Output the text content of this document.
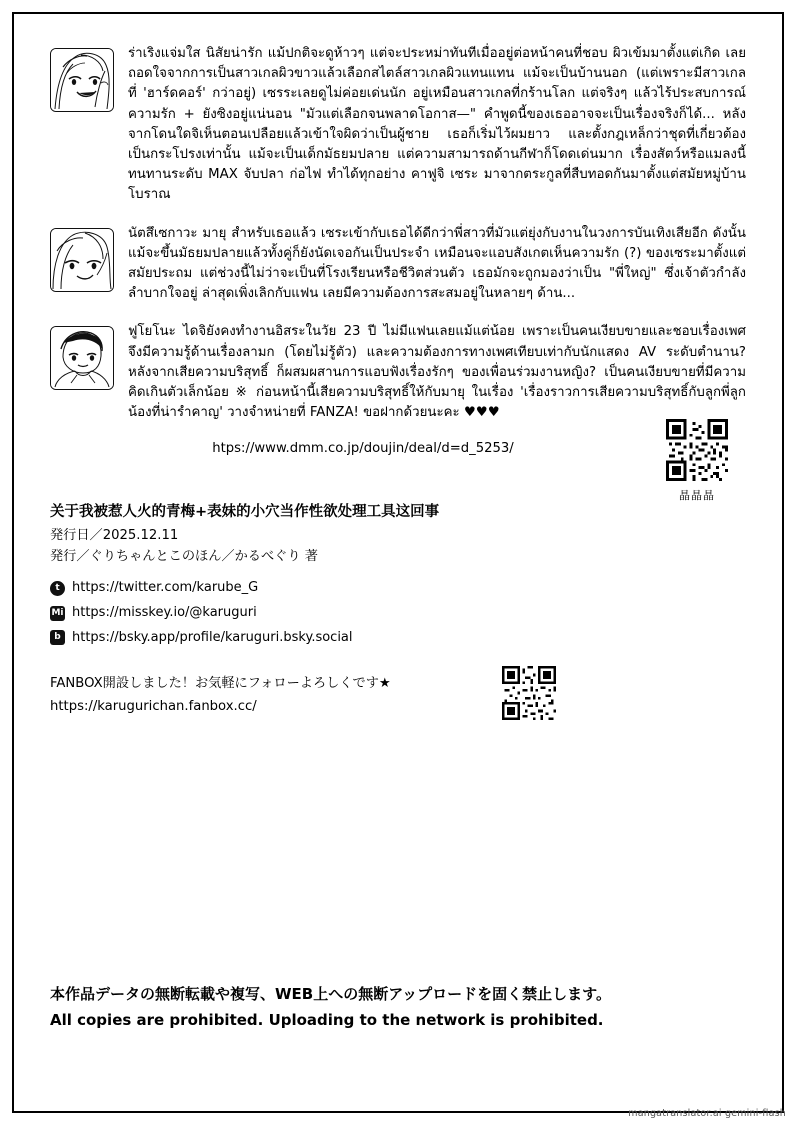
ร่าเริงแจ่มใส นิสัยน่ารัก แม้ปกติจะดูห้าวๆ แต่จะประหม่าทันทีเมื่ออยู่ต่อหน้าคนที่ชอบ ผิวเข้มมาตั้งแต่เกิด เลยถอดใจจากการเป็นสาวเกลผิวขาวแล้วเลือกสไตล์สาวเกลผิวแทนแทน แม้จะเป็นบ้านนอก (แต่เพราะมีสาวเกลที่ 'ฮาร์ดคอร์' กว่าอยู่) เซรระเลยดูไม่ค่อยเด่นนัก อยู่เหมือนสาวเกลที่กร้านโลก แต่จริงๆ แล้วไร้ประสบการณ์ความรัก + ยังซิงอยู่แน่นอน "มัวแต่เลือกจนพลาดโอกาส—" คำพูดนี้ของเธออาจจะเป็นเรื่องจริงก็ได้... หลังจากโดนใดจิเห็นตอนเปลือยแล้วเข้าใจผิดว่าเป็นผู้ชาย เธอก็เริ่มไว้ผมยาว และตั้งกฎเหล็กว่าชุดที่เกี่ยวต้องเป็นกระโปรงเท่านั้น แม้จะเป็นเด็กมัธยมปลาย แต่ความสามารถด้านกีฬาก็โดดเด่นมาก เรื่องสัตว์หรือแมลงนี้ทนทานระดับ MAX จับปลา ก่อไฟ ทำได้ทุกอย่าง คาฟูจิ เซระ มาจากตระกูลที่สืบทอดกันมาตั้งแต่สมัยหมู่บ้านโบราณ
นัตสึเซกาวะ มายุ สำหรับเธอแล้ว เซระเข้ากับเธอได้ดีกว่าพี่สาวที่มัวแต่ยุ่งกับงานในวงการบันเทิงเสียอีก ดังนั้นแม้จะขึ้นมัธยมปลายแล้วทั้งคู่ก็ยังนัดเจอกันเป็นประจำ เหมือนจะแอบสังเกตเห็นความรัก (?) ของเซระมาตั้งแต่สมัยประถม แต่ช่วงนี้ไม่ว่าจะเป็นที่โรงเรียนหรือชีวิตส่วนตัว เธอมักจะถูกมองว่าเป็น "พี่ใหญ่" ซึ่งเจ้าตัวกำลังลำบากใจอยู่ ล่าสุดเพิ่งเลิกกับแฟน เลยมีความต้องการสะสมอยู่ในหลายๆ ด้าน...
ฟูโยโนะ ไดจิยังคงทำงานอิสระในวัย 23 ปี ไม่มีแฟนเลยแม้แต่น้อย เพราะเป็นคนเงียบขายและชอบเรื่องเพศ จึงมีความรู้ด้านเรื่องลามก (โดยไม่รู้ตัว) และความต้องการทางเพศเทียบเท่ากับนักแสดง AV ระดับตำนาน? หลังจากเสียความบริสุทธิ์ ก็ผสมผสานการแอบฟังเรื่องรักๆ ของเพื่อนร่วมงานหญิง? เป็นคนเงียบขายที่มีความคิดเกินตัวเล็กน้อย ※ ก่อนหน้านี้เสียความบริสุทธิ์ให้กับมายุ ในเรื่อง 'เรื่องราวการเสียความบริสุทธิ์กับลูกพี่ลูกน้องที่น่ารำคาญ' วางจำหน่ายที่ FANZA! ขอฝากด้วยนะคะ ♥♥♥
htps://www.dmm.co.jp/doujin/deal/d=d_5253/
晶晶晶
关于我被惹人火的青梅+表妹的小穴当作性欲处理工具这回事
発行日／2025.12.11
発行／ぐりちゃんとこのほん／かるべぐり 著
t https://twitter.com/karube_G
Mi https://misskey.io/@karuguri
b https://bsky.app/profile/karuguri.bsky.social
FANBOX開設しました！お気軽にフォローよろしくです★
https://karugurichan.fanbox.cc/
本作品データの無断転載や複写、WEB上への無断アップロードを固く禁止します。
All copies are prohibited. Uploading to the network is prohibited.
mangatranslator.ai gemini-flash
